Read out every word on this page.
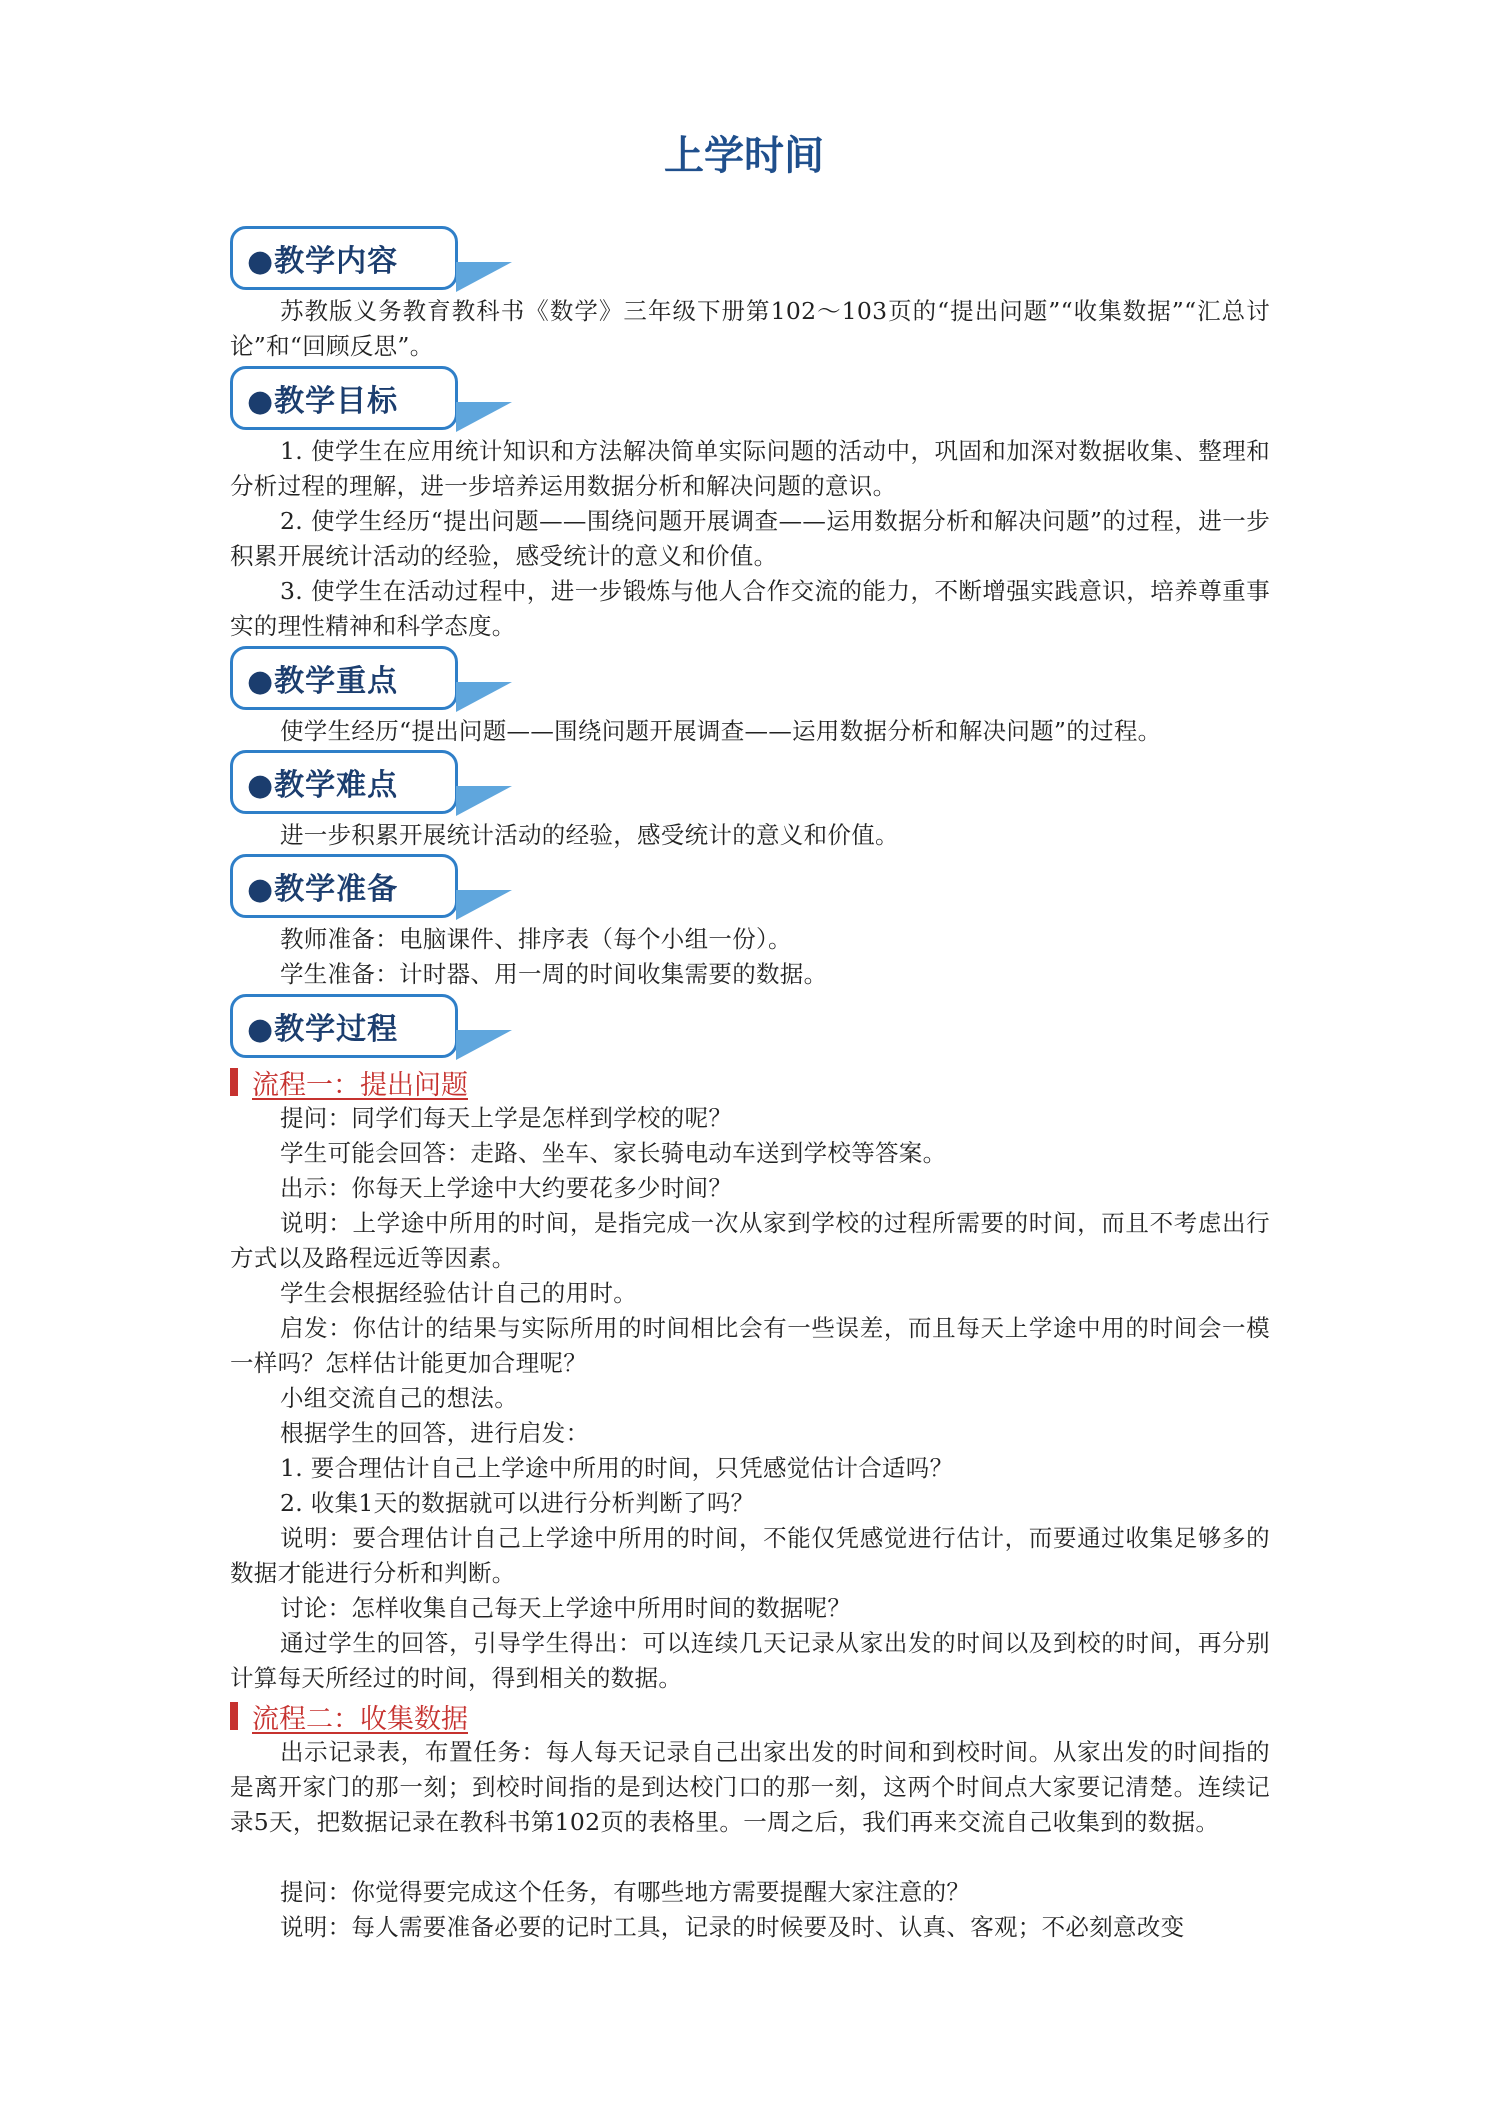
上学时间
●教学内容

苏教版义务教育教科书《数学》三年级下册第102～103页的“提出问题”“收集数据”“汇总讨论”和“回顾反思”。

●教学目标

1. 使学生在应用统计知识和方法解决简单实际问题的活动中，巩固和加深对数据收集、整理和分析过程的理解，进一步培养运用数据分析和解决问题的意识。

2. 使学生经历“提出问题——围绕问题开展调查——运用数据分析和解决问题”的过程，进一步积累开展统计活动的经验，感受统计的意义和价值。

3. 使学生在活动过程中，进一步锻炼与他人合作交流的能力，不断增强实践意识，培养尊重事实的理性精神和科学态度。

●教学重点

使学生经历“提出问题——围绕问题开展调查——运用数据分析和解决问题”的过程。

●教学难点

进一步积累开展统计活动的经验，感受统计的意义和价值。

●教学准备

教师准备：电脑课件、排序表（每个小组一份）。

学生准备：计时器、用一周的时间收集需要的数据。

●教学过程
流程一：提出问题

提问：同学们每天上学是怎样到学校的呢？

学生可能会回答：走路、坐车、家长骑电动车送到学校等答案。

出示：你每天上学途中大约要花多少时间？

说明：上学途中所用的时间，是指完成一次从家到学校的过程所需要的时间，而且不考虑出行方式以及路程远近等因素。

学生会根据经验估计自己的用时。

启发：你估计的结果与实际所用的时间相比会有一些误差，而且每天上学途中用的时间会一模一样吗？怎样估计能更加合理呢？

小组交流自己的想法。

根据学生的回答，进行启发：

1. 要合理估计自己上学途中所用的时间，只凭感觉估计合适吗？

2. 收集1天的数据就可以进行分析判断了吗？

说明：要合理估计自己上学途中所用的时间，不能仅凭感觉进行估计，而要通过收集足够多的数据才能进行分析和判断。

讨论：怎样收集自己每天上学途中所用时间的数据呢？

通过学生的回答，引导学生得出：可以连续几天记录从家出发的时间以及到校的时间，再分别计算每天所经过的时间，得到相关的数据。

流程二：收集数据

出示记录表，布置任务：每人每天记录自己出家出发的时间和到校时间。从家出发的时间指的是离开家门的那一刻；到校时间指的是到达校门口的那一刻，这两个时间点大家要记清楚。连续记录5天，把数据记录在教科书第102页的表格里。一周之后，我们再来交流自己收集到的数据。

提问：你觉得要完成这个任务，有哪些地方需要提醒大家注意的？

说明：每人需要准备必要的记时工具，记录的时候要及时、认真、客观；不必刻意改变
